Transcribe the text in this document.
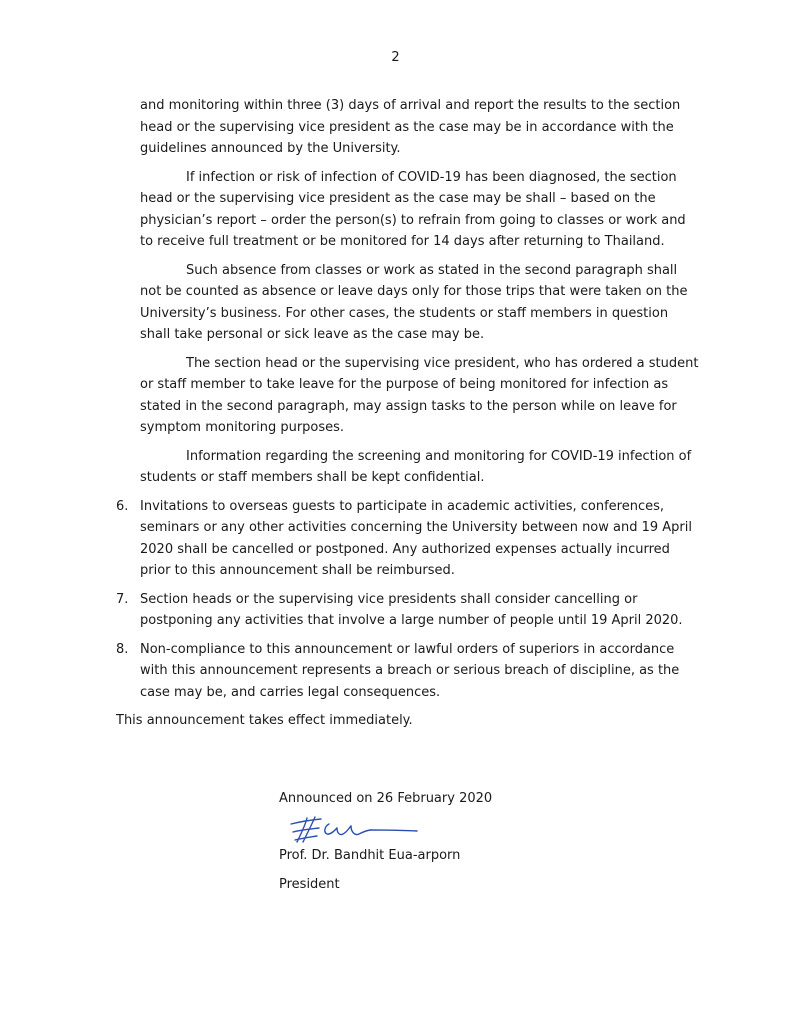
2

and monitoring within three (3) days of arrival and report the results to the section head or the supervising vice president as the case may be in accordance with the guidelines announced by the University.

If infection or risk of infection of COVID-19 has been diagnosed, the section head or the supervising vice president as the case may be shall – based on the physician’s report – order the person(s) to refrain from going to classes or work and to receive full treatment or be monitored for 14 days after returning to Thailand.

Such absence from classes or work as stated in the second paragraph shall not be counted as absence or leave days only for those trips that were taken on the University’s business. For other cases, the students or staff members in question shall take personal or sick leave as the case may be.

The section head or the supervising vice president, who has ordered a student or staff member to take leave for the purpose of being monitored for infection as stated in the second paragraph, may assign tasks to the person while on leave for symptom monitoring purposes.

Information regarding the screening and monitoring for COVID-19 infection of students or staff members shall be kept confidential.

6. Invitations to overseas guests to participate in academic activities, conferences, seminars or any other activities concerning the University between now and 19 April 2020 shall be cancelled or postponed. Any authorized expenses actually incurred prior to this announcement shall be reimbursed.
7. Section heads or the supervising vice presidents shall consider cancelling or postponing any activities that involve a large number of people until 19 April 2020.
8. Non-compliance to this announcement or lawful orders of superiors in accordance with this announcement represents a breach or serious breach of discipline, as the case may be, and carries legal consequences.

This announcement takes effect immediately.

Announced on 26 February 2020

Prof. Dr. Bandhit Eua-arporn
President
